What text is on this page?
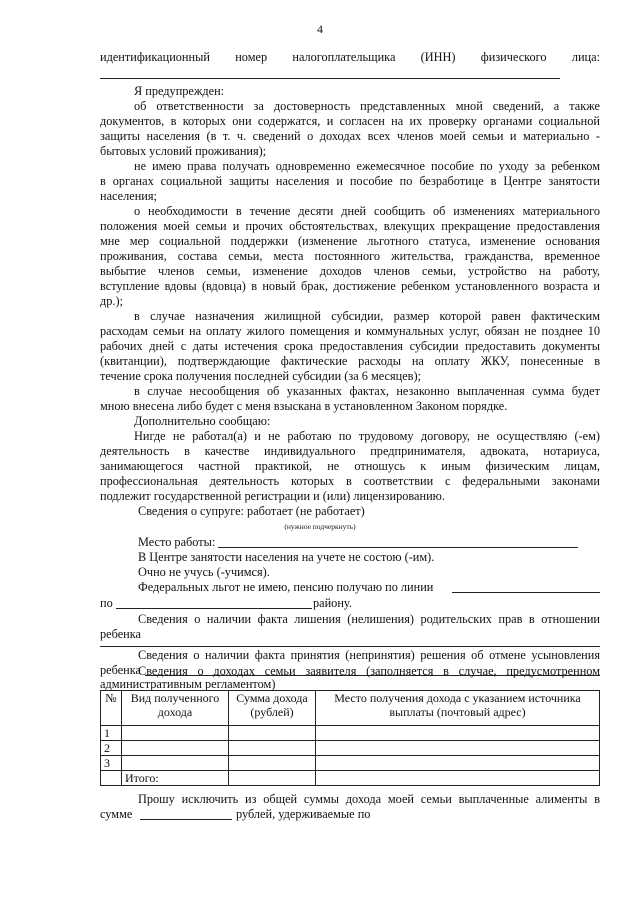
4
идентификационный номер налогоплательщика (ИНН) физического лица:
Я предупрежден:
об ответственности за достоверность представленных мной сведений, а также
документов, в которых они содержатся, и согласен на их проверку органами социальной
защиты населения (в т. ч. сведений о доходах всех членов моей семьи и материально -
бытовых условий проживания);
не имею права получать одновременно ежемесячное пособие по уходу за ребенком
в органах социальной защиты населения и пособие по безработице в Центре занятости
населения;
о необходимости в течение десяти дней сообщить об изменениях материального
положения моей семьи и прочих обстоятельствах, влекущих прекращение предоставления
мне мер социальной поддержки (изменение льготного статуса, изменение основания
проживания, состава семьи, места постоянного жительства, гражданства, временное
выбытие членов семьи, изменение доходов членов семьи, устройство на работу,
вступление вдовы (вдовца) в новый брак, достижение ребенком установленного возраста и
др.);
в случае назначения жилищной субсидии, размер которой равен фактическим
расходам семьи на оплату жилого помещения и коммунальных услуг, обязан не позднее 10
рабочих дней с даты истечения срока предоставления субсидии предоставить документы
(квитанции), подтверждающие фактические расходы на оплату ЖКУ, понесенные в
течение срока получения последней субсидии (за 6 месяцев);
в случае несообщения об указанных фактах, незаконно выплаченная сумма будет
мною внесена либо будет с меня взыскана в установленном Законом порядке.
Дополнительно сообщаю:
Нигде не работал(а) и не работаю по трудовому договору, не осуществляю (-ем)
деятельность в качестве индивидуального предпринимателя, адвоката, нотариуса,
занимающегося частной практикой, не отношусь к иным физическим лицам,
профессиональная деятельность которых в соответствии с федеральными законами
подлежит государственной регистрации и (или) лицензированию.
Сведения о супруге: работает (не работает)
(нужное подчеркнуть)
Место работы:
В Центре занятости населения на учете не состою (-им).
Очно не учусь (-учимся).
Федеральных льгот не имею, пенсию получаю по линии
по	району.
Сведения о наличии факта лишения (нелишения) родительских прав в отношении
ребенка
Сведения о наличии факта принятия (непринятия) решения об отмене усыновления
ребенка
Сведения о доходах семьи заявителя (заполняется в случае, предусмотренном
административным регламентом)
№	Вид полученного дохода	Сумма дохода (рублей)	Место получения дохода с указанием источника выплаты (почтовый адрес)
1			
2			
3			
	Итого:		
Прошу исключить из общей суммы дохода моей семьи выплаченные алименты в
сумме	рублей, удерживаемые по
